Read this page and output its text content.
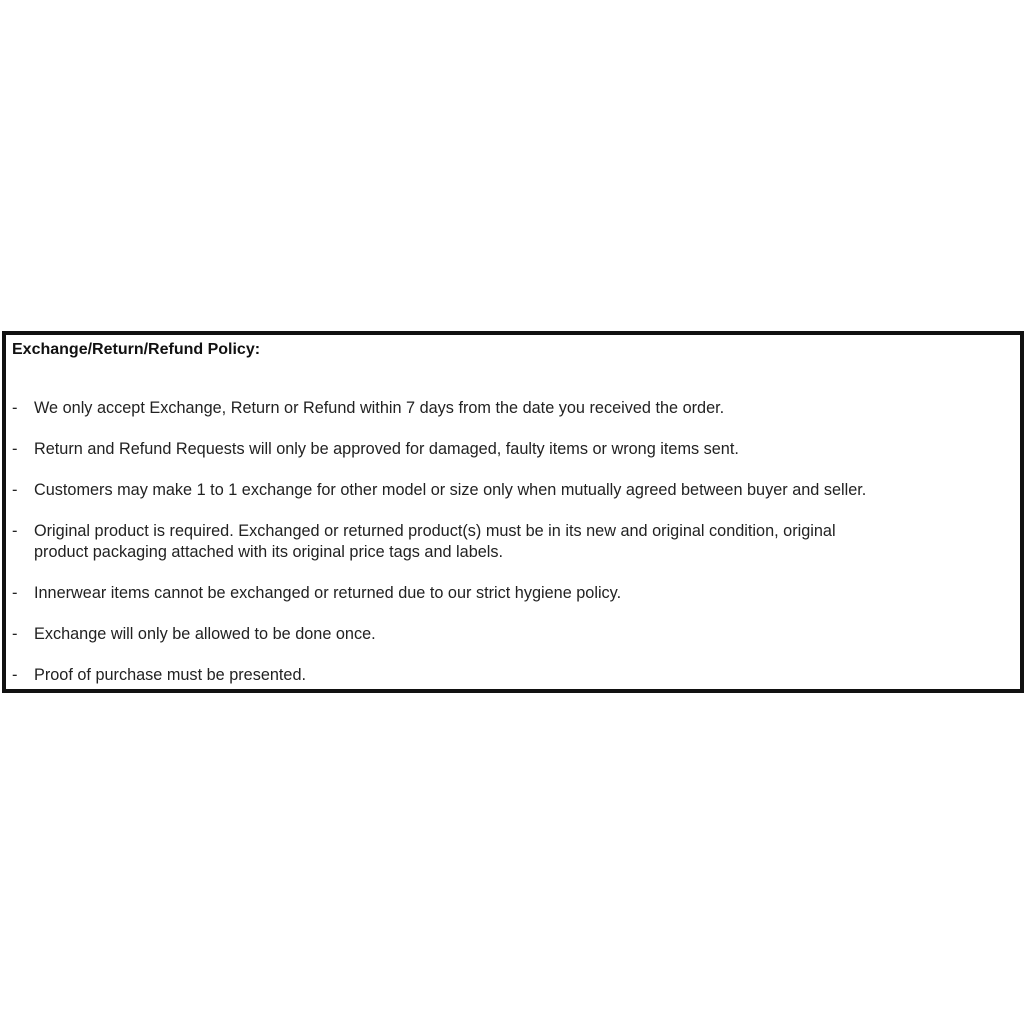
Exchange/Return/Refund Policy:
- We only accept Exchange, Return or Refund within 7 days from the date you received the order.
- Return and Refund Requests will only be approved for damaged, faulty items or wrong items sent.
- Customers may make 1 to 1 exchange for other model or size only when mutually agreed between buyer and seller.
- Original product is required. Exchanged or returned product(s) must be in its new and original condition, original
product packaging attached with its original price tags and labels.
- Innerwear items cannot be exchanged or returned due to our strict hygiene policy.
- Exchange will only be allowed to be done once.
- Proof of purchase must be presented.
